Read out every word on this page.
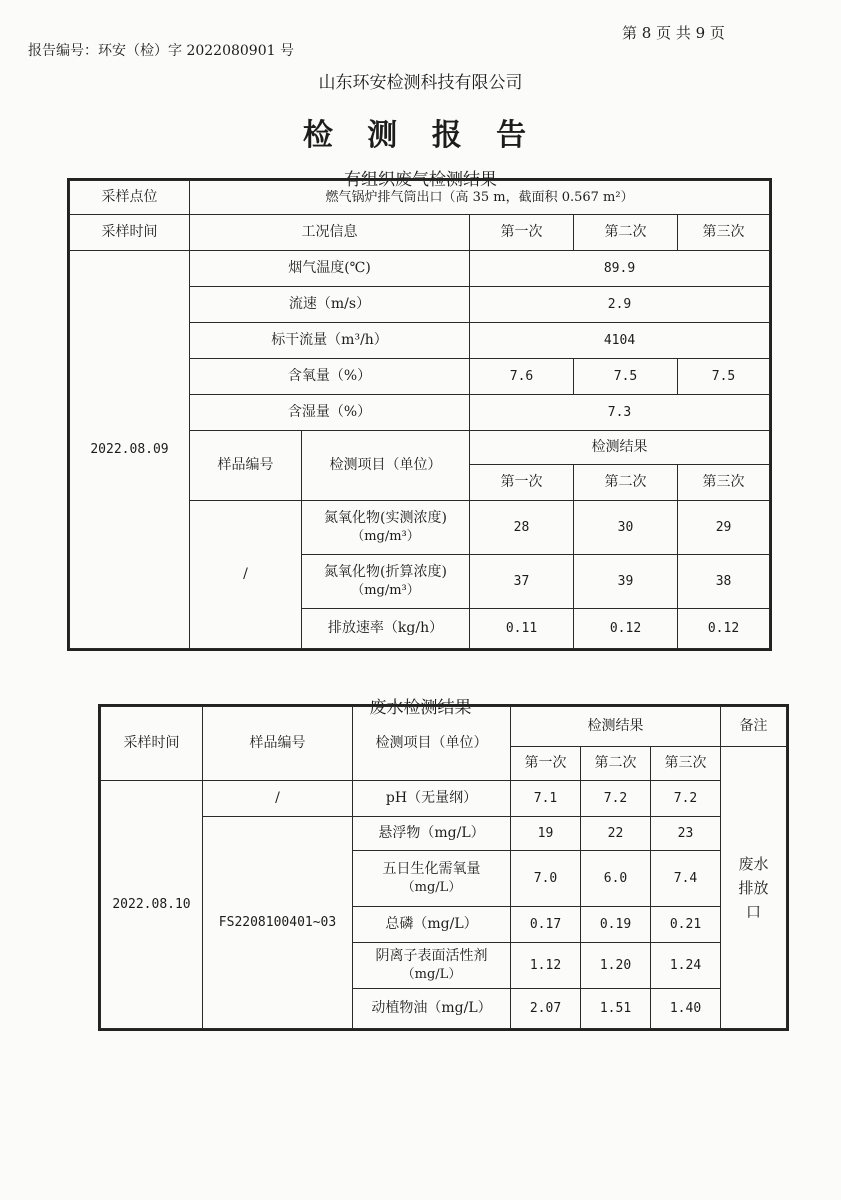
报告编号：环安（检）字 2022080901 号
第 8 页 共 9 页
山东环安检测科技有限公司
检 测 报 告
有组织废气检测结果
采样点位	燃气锅炉排气筒出口（高 35 m，截面积 0.567 m²）				
采样时间	工况信息		第一次	第二次	第三次
2022.08.09	烟气温度(℃)		89.9		
	流速（m/s）		2.9		
	标干流量（m³/h）		4104		
	含氧量（%）		7.6	7.5	7.5
	含湿量（%）		7.3		
	样品编号	检测项目（单位）	检测结果		
			第一次	第二次	第三次
	/	氮氧化物(实测浓度)
（mg/m³）	28	30	29

		氮氧化物(折算浓度)
（mg/m³）	37	39	38
		排放速率（kg/h）	0.11	0.12	0.12
废水检测结果
采样时间	样品编号	检测项目（单位）	检测结果			备注
			第一次	第二次	第三次	废水排放口

2022.08.10	/	pH（无量纲）	7.1	7.2	7.2	
	FS2208100401~03	悬浮物（mg/L）	19	22	23	

		五日生化需氧量
（mg/L）	7.0	6.0	7.4	
		总磷（mg/L）	0.17	0.19	0.21	

		阴离子表面活性剂
（mg/L）	1.12	1.20	1.24	
		动植物油（mg/L）	2.07	1.51	1.40	
